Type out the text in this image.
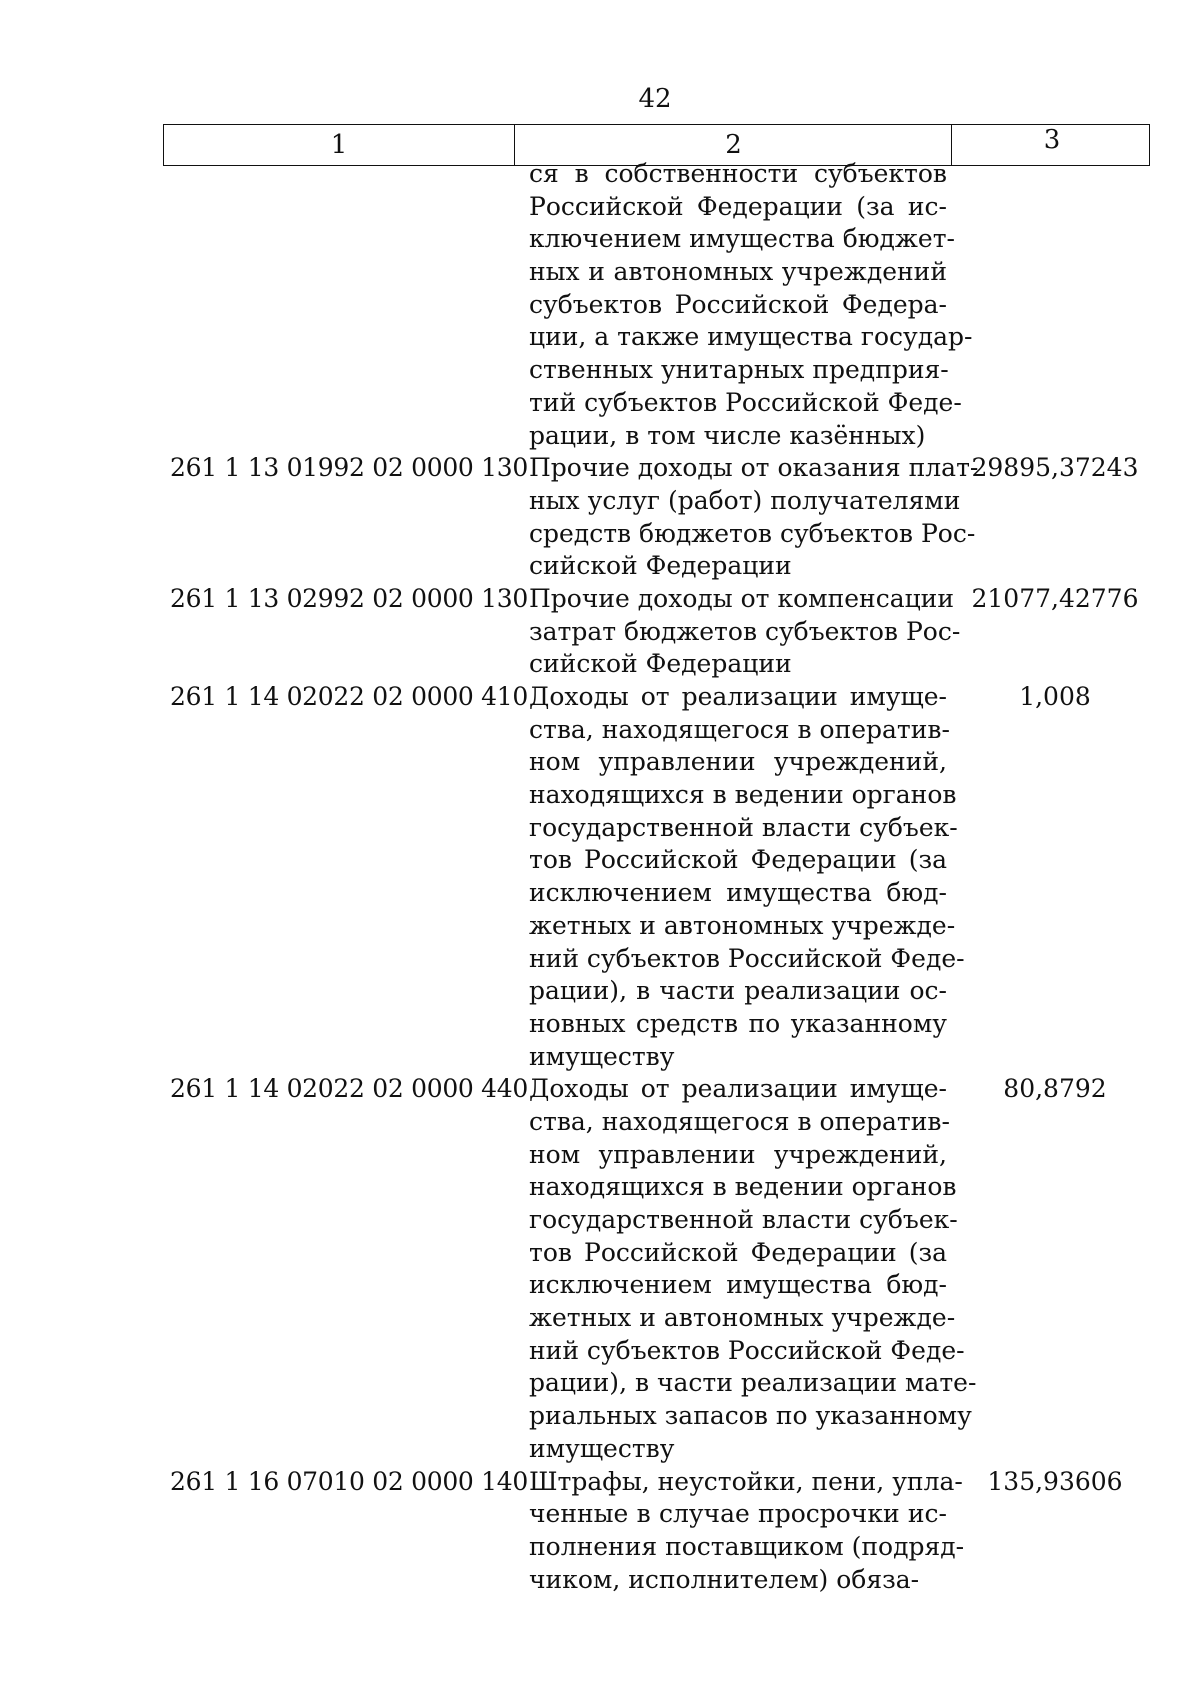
42
1	2	3
ся в собственности субъектов
Российской Федерации (за ис-
ключением имущества бюджет-
ных и автономных учреждений
субъектов Российской Федера-
ции, а также имущества государ-
ственных унитарных предприя-
тий субъектов Российской Феде-
рации, в том числе казённых)
261 1 13 01992 02 0000 130 Прочие доходы от оказания плат-
ных услуг (работ) получателями
средств бюджетов субъектов Рос-
сийской Федерации
29895,37243
261 1 13 02992 02 0000 130 Прочие доходы от компенсации
затрат бюджетов субъектов Рос-
сийской Федерации
21077,42776
261 1 14 02022 02 0000 410 Доходы от реализации имуще-
ства, находящегося в оператив-
ном управлении учреждений,
находящихся в ведении органов
государственной власти субъек-
тов Российской Федерации (за
исключением имущества бюд-
жетных и автономных учрежде-
ний субъектов Российской Феде-
рации), в части реализации ос-
новных средств по указанному
имуществу
1,008
261 1 14 02022 02 0000 440 Доходы от реализации имуще-
ства, находящегося в оператив-
ном управлении учреждений,
находящихся в ведении органов
государственной власти субъек-
тов Российской Федерации (за
исключением имущества бюд-
жетных и автономных учрежде-
ний субъектов Российской Феде-
рации), в части реализации мате-
риальных запасов по указанному
имуществу
80,8792
261 1 16 07010 02 0000 140 Штрафы, неустойки, пени, упла-
ченные в случае просрочки ис-
полнения поставщиком (подряд-
чиком, исполнителем) обяза-
135,93606
